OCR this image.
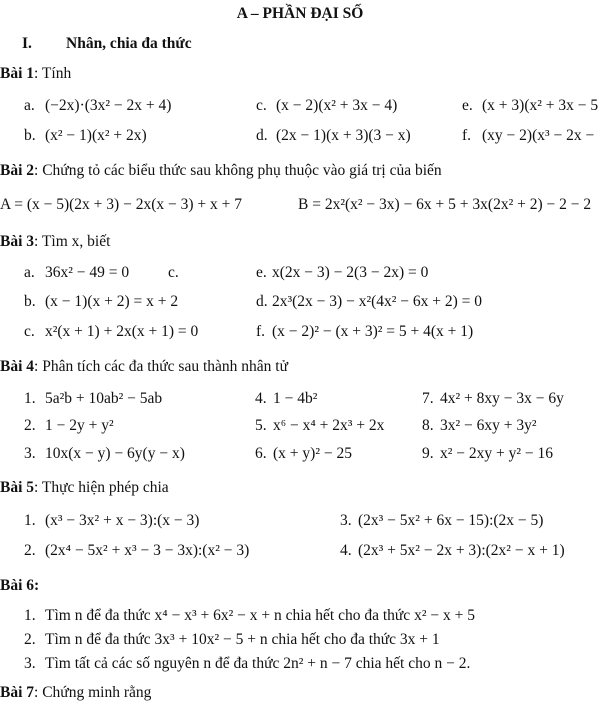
A – PHẦN ĐẠI SỐ
I. Nhân, chia đa thức
Bài 1: Tính
a. (−2x)·(3x² − 2x + 4)	c. (x − 2)(x² + 3x − 4)	e. (x + 3)(x² + 3x − 5
b. (x² − 1)(x² + 2x)	d. (2x − 1)(x + 3)(3 − x)	f. (xy − 2)(x³ − 2x −
Bài 2: Chứng tỏ các biểu thức sau không phụ thuộc vào giá trị của biến
A = (x − 5)(2x + 3) − 2x(x − 3) + x + 7	B = 2x²(x² − 3x) − 6x + 5 + 3x(2x² + 2) − 2 − 2
Bài 3: Tìm x, biết
a. 36x² − 49 = 0	c.	e. x(2x − 3) − 2(3 − 2x) = 0
b. (x − 1)(x + 2) = x + 2	d. 2x³(2x − 3) − x²(4x² − 6x + 2) = 0
c. x²(x + 1) + 2x(x + 1) = 0	f. (x − 2)² − (x + 3)² = 5 + 4(x + 1)
Bài 4: Phân tích các đa thức sau thành nhân tử
1. 5a²b + 10ab² − 5ab	4. 1 − 4b²	7. 4x² + 8xy − 3x − 6y
2. 1 − 2y + y²	5. x⁶ − x⁴ + 2x³ + 2x 8. 3x² − 6xy + 3y²
3. 10x(x − y) − 6y(y − x)	6. (x + y)² − 25	9. x² − 2xy + y² − 16
Bài 5: Thực hiện phép chia
1. (x³ − 3x² + x − 3):(x − 3)	3. (2x³ − 5x² + 6x − 15):(2x − 5)
2. (2x⁴ − 5x² + x³ − 3 − 3x):(x² − 3)	4. (2x³ + 5x² − 2x + 3):(2x² − x + 1)
Bài 6:
1. Tìm n để đa thức x⁴ − x³ + 6x² − x + n chia hết cho đa thức x² − x + 5
2. Tìm n để đa thức 3x³ + 10x² − 5 + n chia hết cho đa thức 3x + 1
3. Tìm tất cả các số nguyên n để đa thức 2n² + n − 7 chia hết cho n − 2.
Bài 7: Chứng minh rằng
